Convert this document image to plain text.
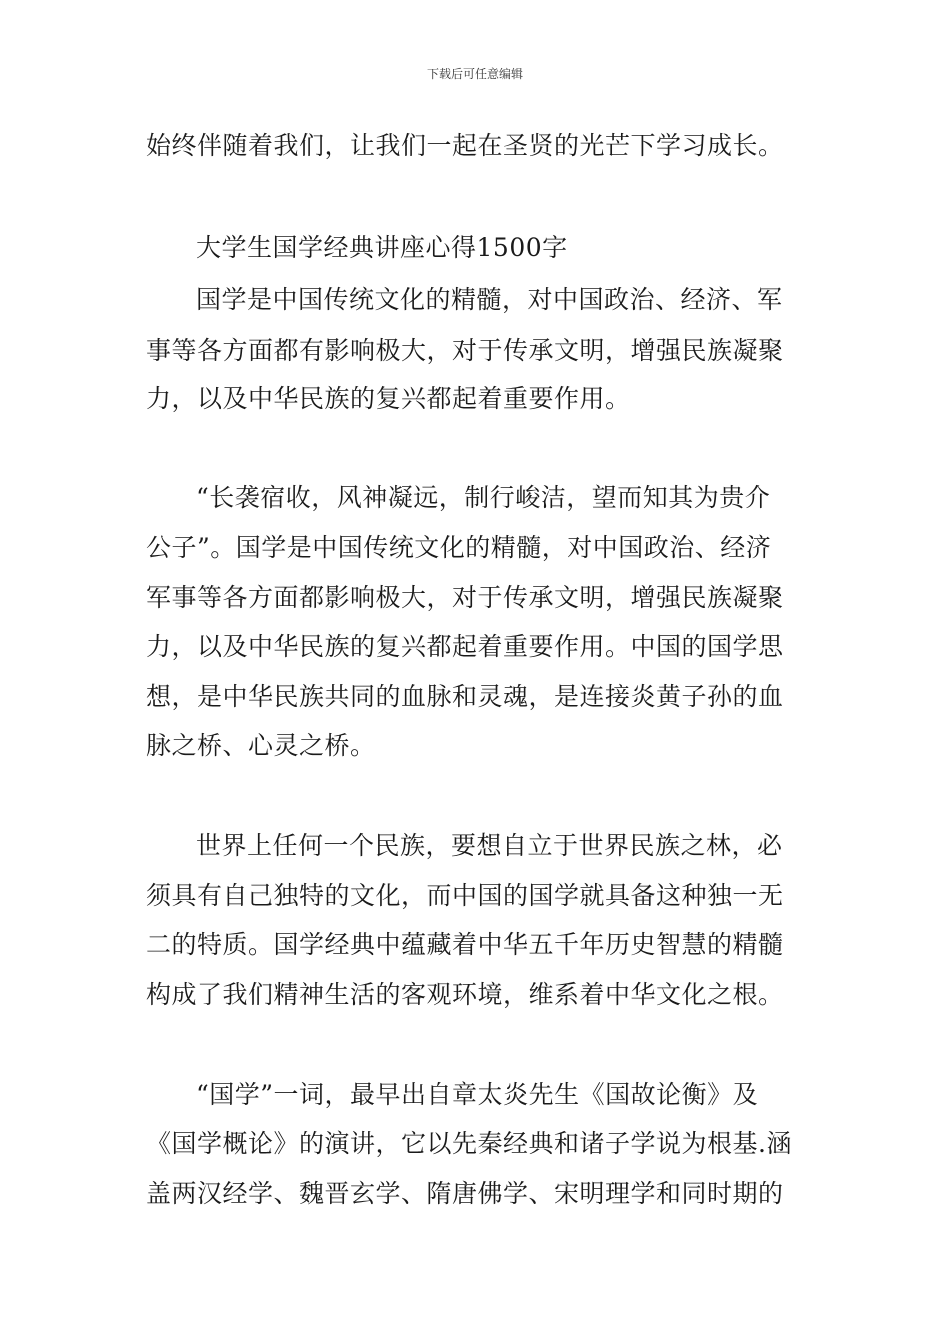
下载后可任意编辑
始终伴随着我们，让我们一起在圣贤的光芒下学习成长。
大学生国学经典讲座心得1500字
国学是中国传统文化的精髓，对中国政治、经济、军
事等各方面都有影响极大，对于传承文明，增强民族凝聚
力，以及中华民族的复兴都起着重要作用。
“长袭宿收，风神凝远，制行峻洁，望而知其为贵介
公子”。国学是中国传统文化的精髓，对中国政治、经济
军事等各方面都影响极大，对于传承文明，增强民族凝聚
力，以及中华民族的复兴都起着重要作用。中国的国学思
想，是中华民族共同的血脉和灵魂，是连接炎黄子孙的血
脉之桥、心灵之桥。
世界上任何一个民族，要想自立于世界民族之林，必
须具有自己独特的文化，而中国的国学就具备这种独一无
二的特质。国学经典中蕴藏着中华五千年历史智慧的精髓
构成了我们精神生活的客观环境，维系着中华文化之根。
“国学”一词，最早出自章太炎先生《国故论衡》及
《国学概论》的演讲，它以先秦经典和诸子学说为根基.涵
盖两汉经学、魏晋玄学、隋唐佛学、宋明理学和同时期的
